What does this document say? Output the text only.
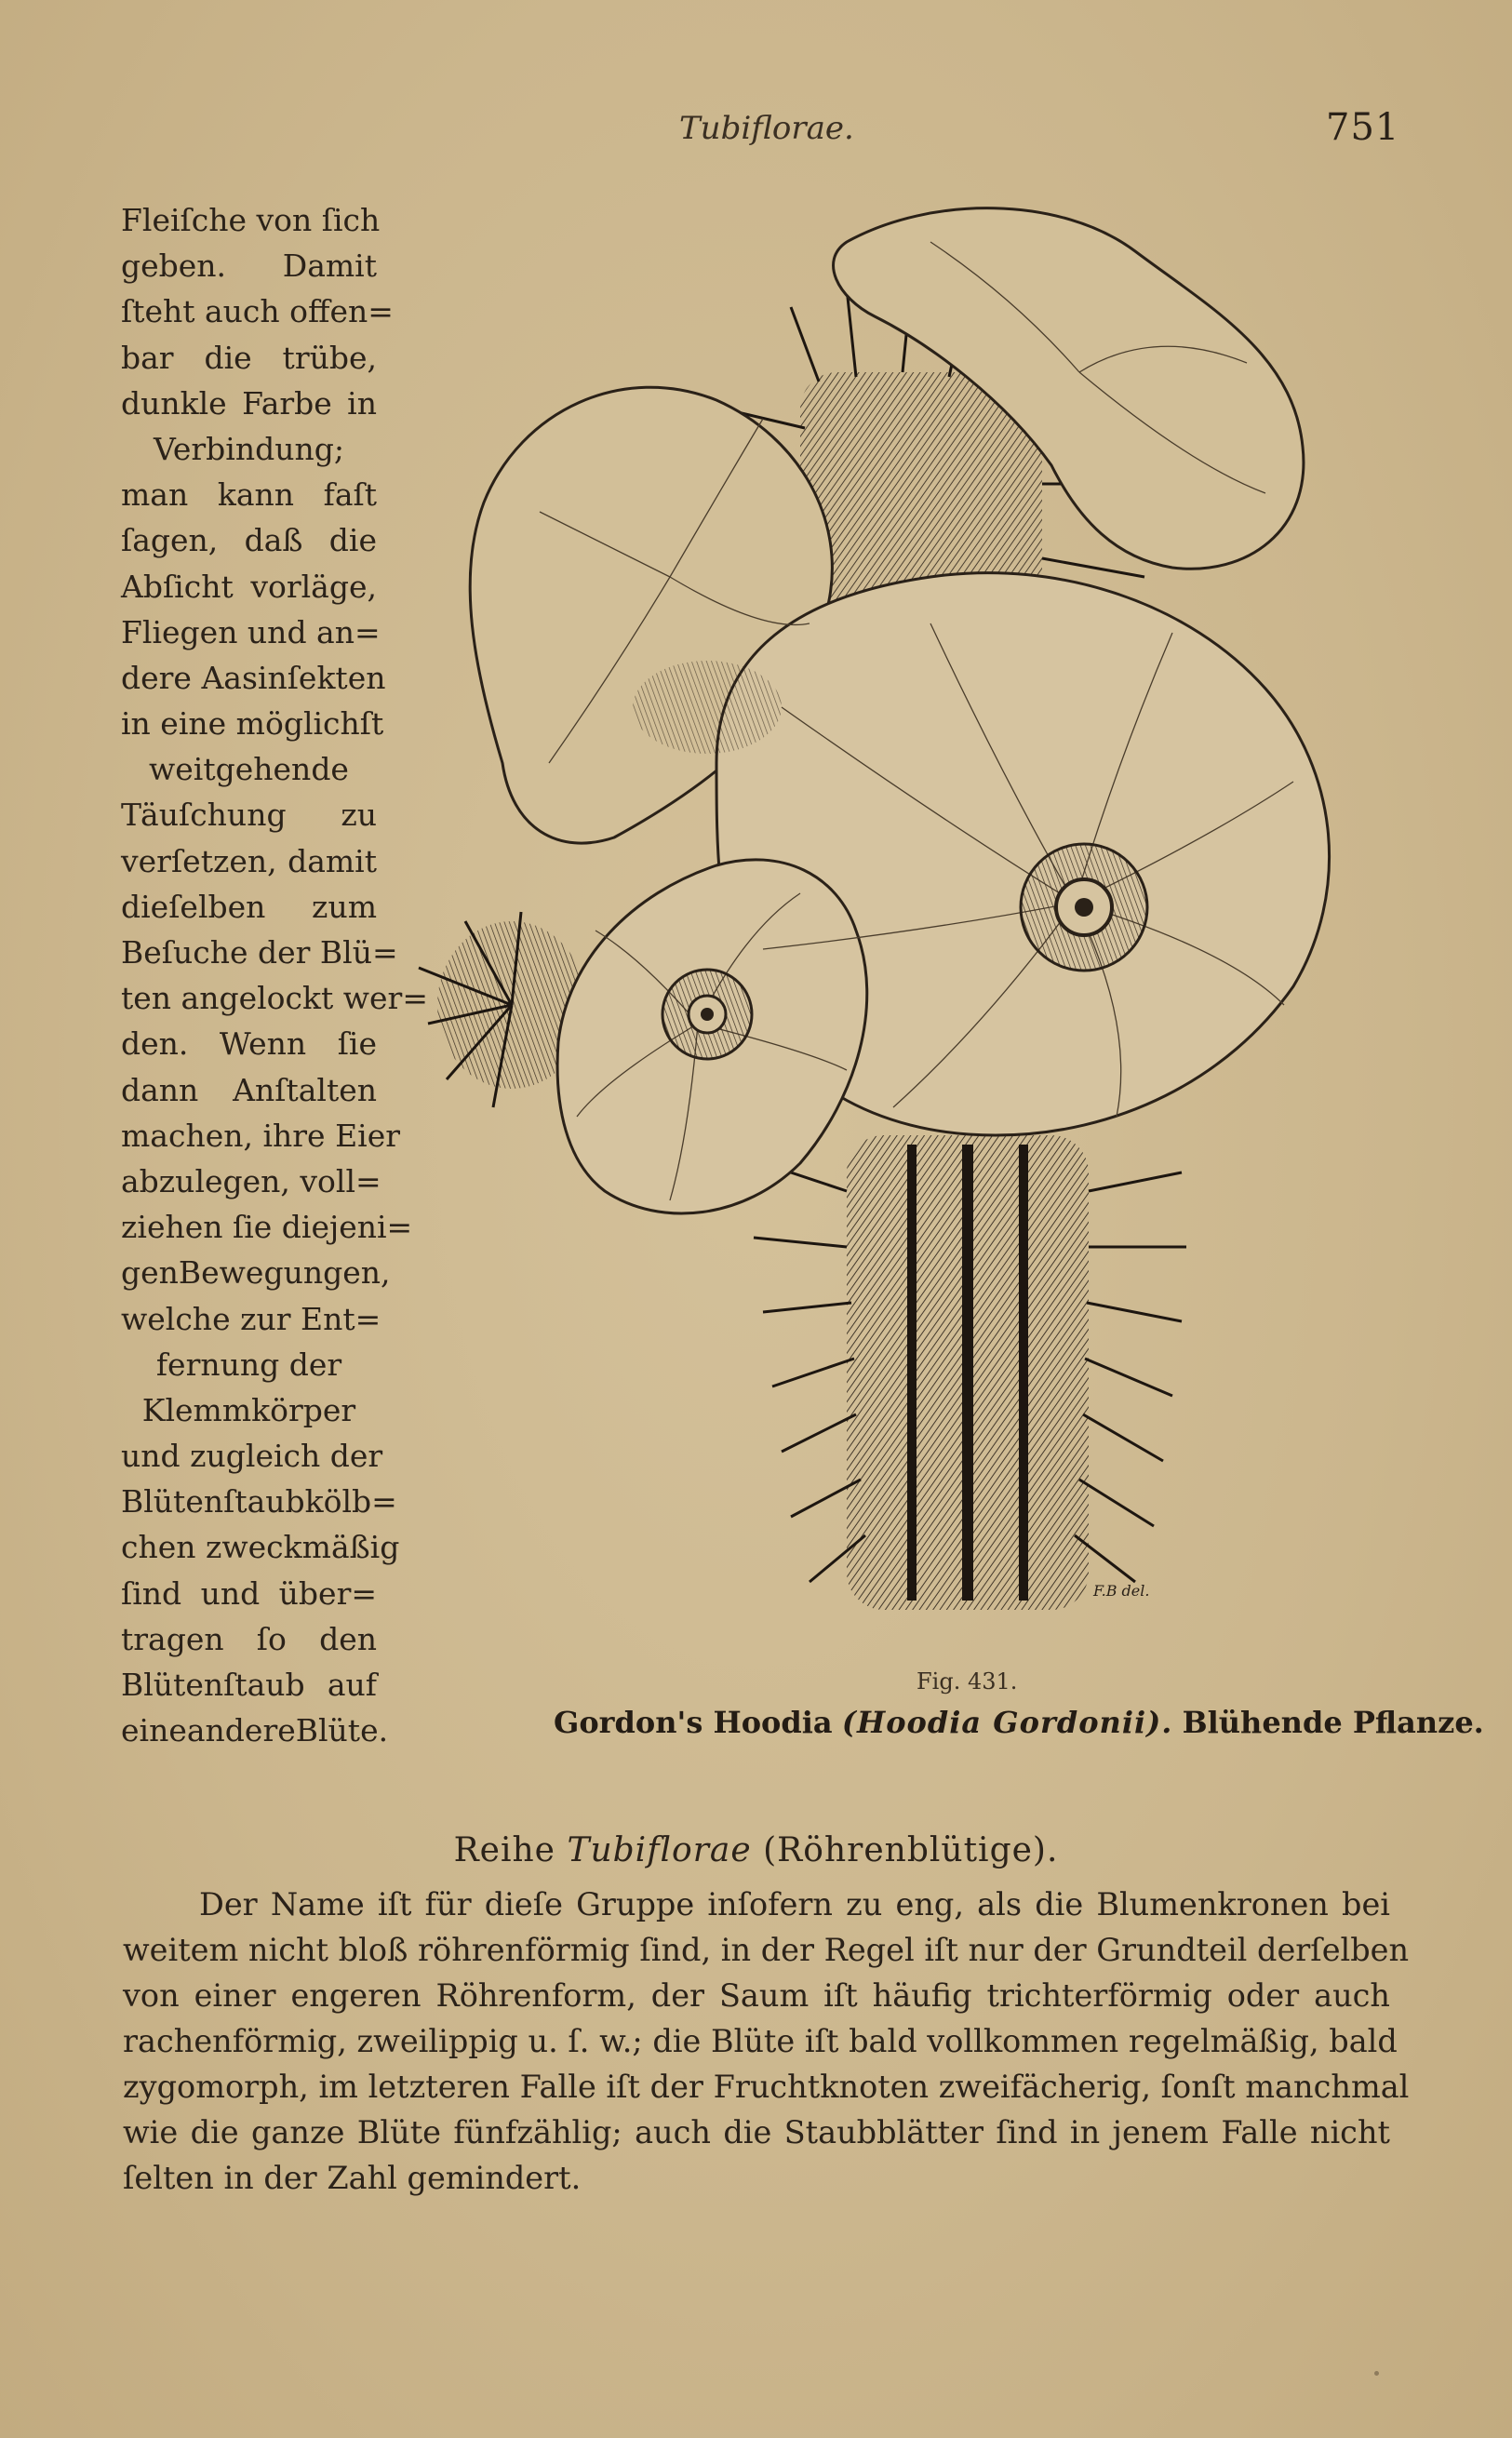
Tubiflorae.	751
Fleiſche von ſich
geben. Damit
ſteht auch offen=
bar die trübe,
dunkle Farbe in
Verbindung;
man kann faſt
ſagen, daß die
Abſicht vorläge,
Fliegen und an=
dere Aasinſekten
in eine möglichſt
weitgehende
Täuſchung zu
verſetzen, damit
dieſelben zum
Beſuche der Blü=
ten angelockt wer=
den. Wenn ſie
dann Anſtalten
machen, ihre Eier
abzulegen, voll=
ziehen ſie diejeni=
genBewegungen,
welche zur Ent=
fernung der
Klemmkörper
und zugleich der
Blütenſtaubkölb=
chen zweckmäßig
ſind und über=
tragen ſo den
Blütenſtaub auf
eineandereBlüte.
F.B del.
Fig. 431.
Gordon's Hoodia (Hoodia Gordonii). Blühende Pflanze.
Reihe Tubiflorae (Röhrenblütige).
Der Name iſt für dieſe Gruppe inſofern zu eng, als die Blumenkronen bei
weitem nicht bloß röhrenförmig ſind, in der Regel iſt nur der Grundteil derſelben
von einer engeren Röhrenform, der Saum iſt häufig trichterförmig oder auch
rachenförmig, zweilippig u. ſ. w.; die Blüte iſt bald vollkommen regelmäßig, bald
zygomorph, im letzteren Falle iſt der Fruchtknoten zweifächerig, ſonſt manchmal
wie die ganze Blüte fünfzählig; auch die Staubblätter ſind in jenem Falle nicht
ſelten in der Zahl gemindert.
